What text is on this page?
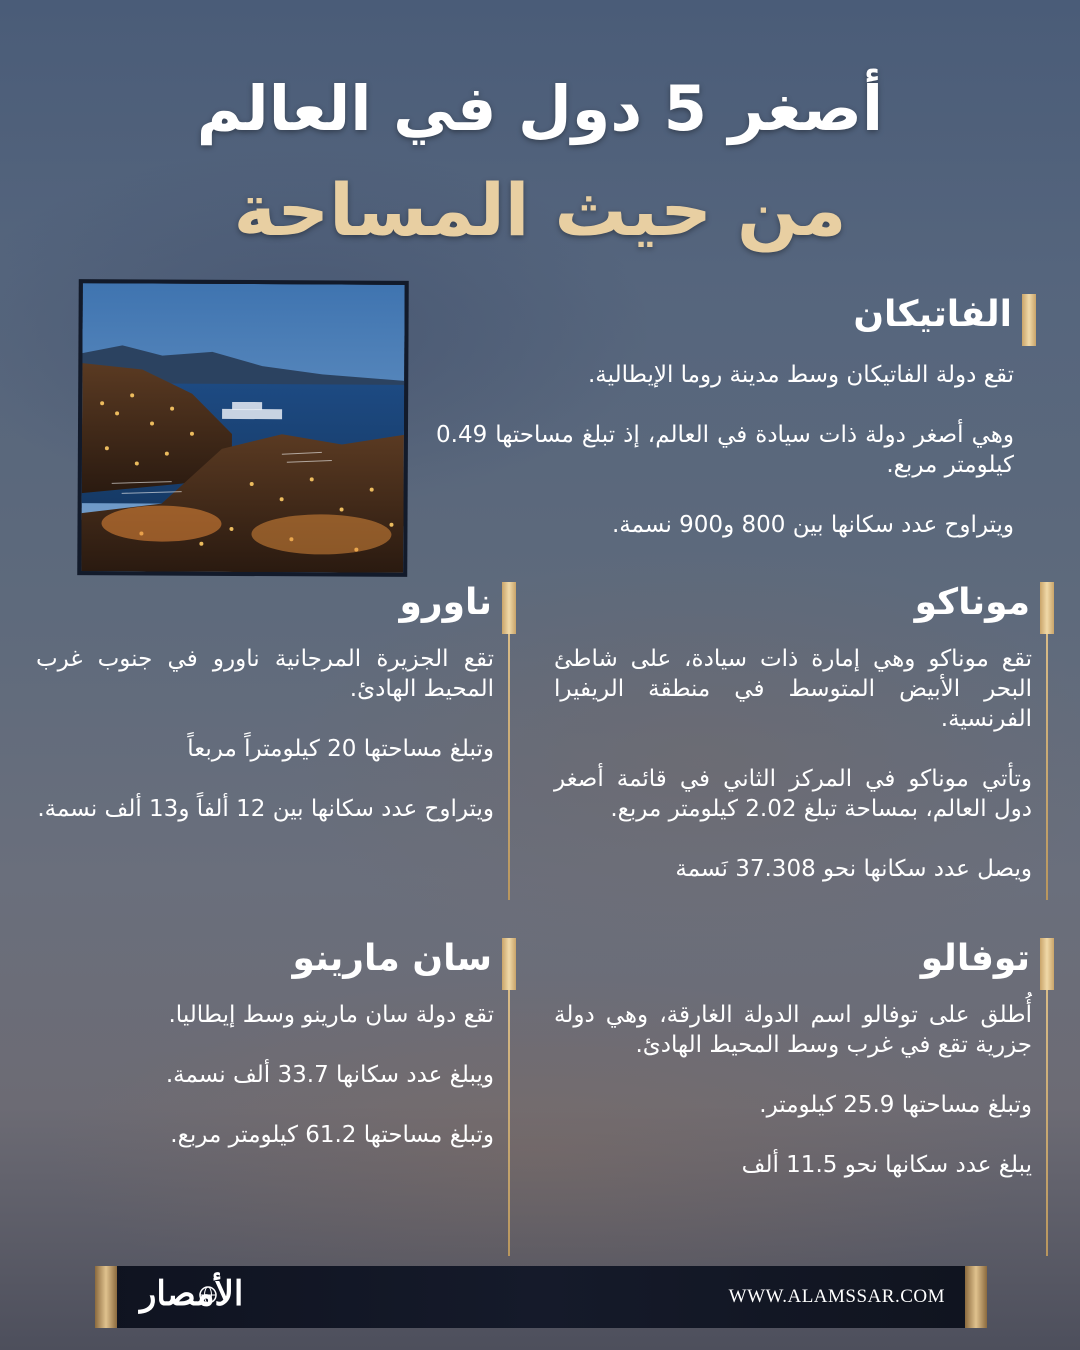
أصغر 5 دول في العالم
من حيث المساحة
الفاتيكان

تقع دولة الفاتيكان وسط مدينة روما الإيطالية.

وهي أصغر دولة ذات سيادة في العالم، إذ تبلغ مساحتها 0.49 كيلومتر مربع.

ويتراوح عدد سكانها بين 800 و900 نسمة.

موناكو

تقع موناكو وهي إمارة ذات سيادة، على شاطئ البحر الأبيض المتوسط في منطقة الريفيرا الفرنسية.

وتأتي موناكو في المركز الثاني في قائمة أصغر دول العالم، بمساحة تبلغ 2.02 كيلومتر مربع.

ويصل عدد سكانها نحو 37.308 نَسمة

ناورو

تقع الجزيرة المرجانية ناورو في جنوب غرب المحيط الهادئ.

وتبلغ مساحتها 20 كيلومتراً مربعاً

ويتراوح عدد سكانها بين 12 ألفاً و13 ألف نسمة.

توفالو

أُطلق على توفالو اسم الدولة الغارقة، وهي دولة جزرية تقع في غرب وسط المحيط الهادئ.

وتبلغ مساحتها 25.9 كيلومتر.

يبلغ عدد سكانها نحو 11.5 ألف

سان مارينو

تقع دولة سان مارينو وسط إيطاليا.

ويبلغ عدد سكانها 33.7 ألف نسمة.

وتبلغ مساحتها 61.2 كيلومتر مربع.

الأمصار	WWW.ALAMSSAR.COM
